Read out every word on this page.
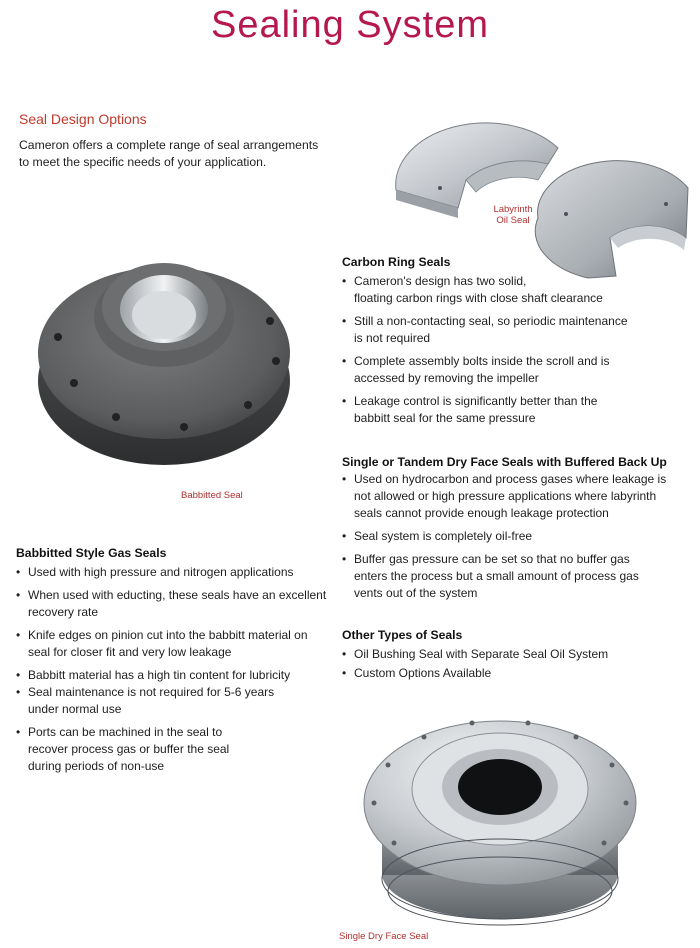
Sealing System
Seal Design Options
Cameron offers a complete range of seal arrangements
to meet the specific needs of your application.
Labyrinth
Oil Seal
Babbitted Seal
Carbon Ring Seals
• Cameron's design has two solid,
floating carbon rings with close shaft clearance
• Still a non-contacting seal, so periodic maintenance
is not required
• Complete assembly bolts inside the scroll and is
accessed by removing the impeller
• Leakage control is significantly better than the
babbitt seal for the same pressure
Single or Tandem Dry Face Seals with Buffered Back Up
• Used on hydrocarbon and process gases where leakage is
not allowed or high pressure applications where labyrinth
seals cannot provide enough leakage protection
• Seal system is completely oil-free
• Buffer gas pressure can be set so that no buffer gas
enters the process but a small amount of process gas
vents out of the system
Other Types of Seals
• Oil Bushing Seal with Separate Seal Oil System
• Custom Options Available
Babbitted Style Gas Seals
• Used with high pressure and nitrogen applications
• When used with educting, these seals have an excellent
recovery rate
• Knife edges on pinion cut into the babbitt material on
seal for closer fit and very low leakage
• Babbitt material has a high tin content for lubricity
• Seal maintenance is not required for 5-6 years
under normal use
• Ports can be machined in the seal to
recover process gas or buffer the seal
during periods of non-use
Single Dry Face Seal
